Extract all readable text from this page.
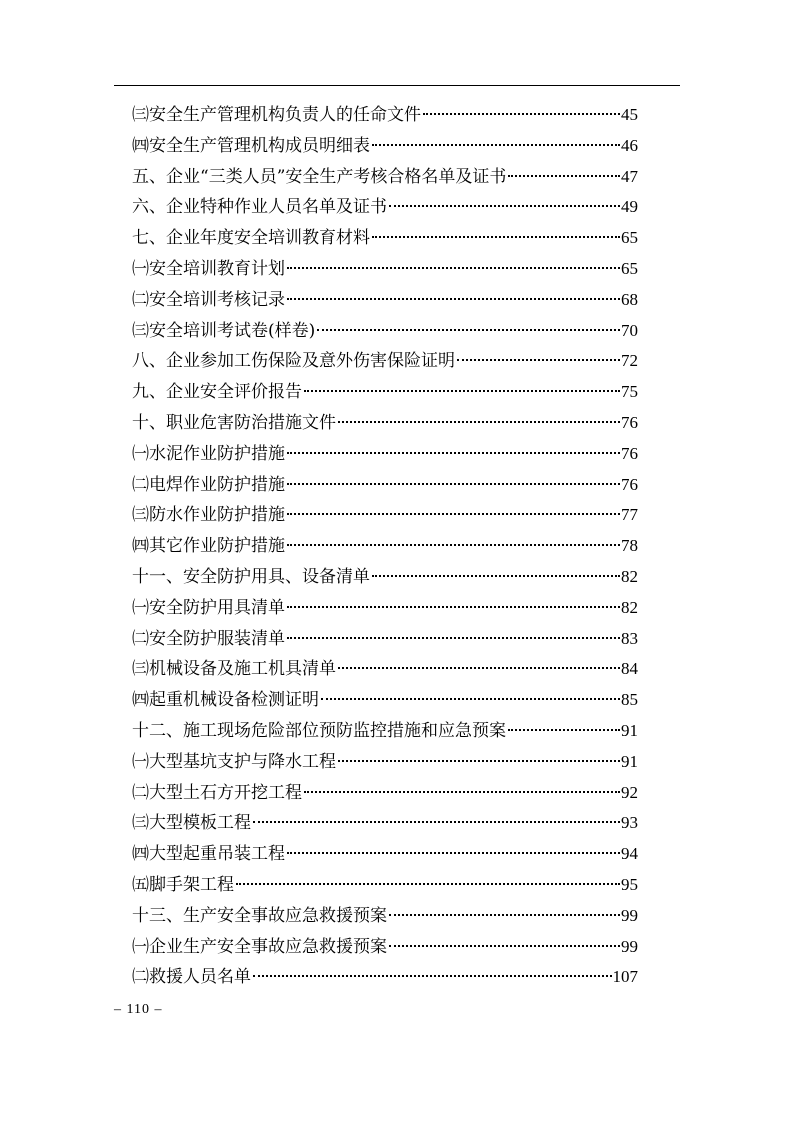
㈢安全生产管理机构负责人的任命文件	45
㈣安全生产管理机构成员明细表	46
五、企业“三类人员”安全生产考核合格名单及证书	47
六、企业特种作业人员名单及证书	49
七、企业年度安全培训教育材料	65
㈠安全培训教育计划	65
㈡安全培训考核记录	68
㈢安全培训考试卷(样卷)	70
八、企业参加工伤保险及意外伤害保险证明	72
九、企业安全评价报告	75
十、职业危害防治措施文件	76
㈠水泥作业防护措施	76
㈡电焊作业防护措施	76
㈢防水作业防护措施	77
㈣其它作业防护措施	78
十一、安全防护用具、设备清单	82
㈠安全防护用具清单	82
㈡安全防护服装清单	83
㈢机械设备及施工机具清单	84
㈣起重机械设备检测证明	85
十二、施工现场危险部位预防监控措施和应急预案	91
㈠大型基坑支护与降水工程	91
㈡大型土石方开挖工程	92
㈢大型模板工程	93
㈣大型起重吊装工程	94
㈤脚手架工程	95
十三、生产安全事故应急救援预案	99
㈠企业生产安全事故应急救援预案	99
㈡救援人员名单	107
– 110 –
